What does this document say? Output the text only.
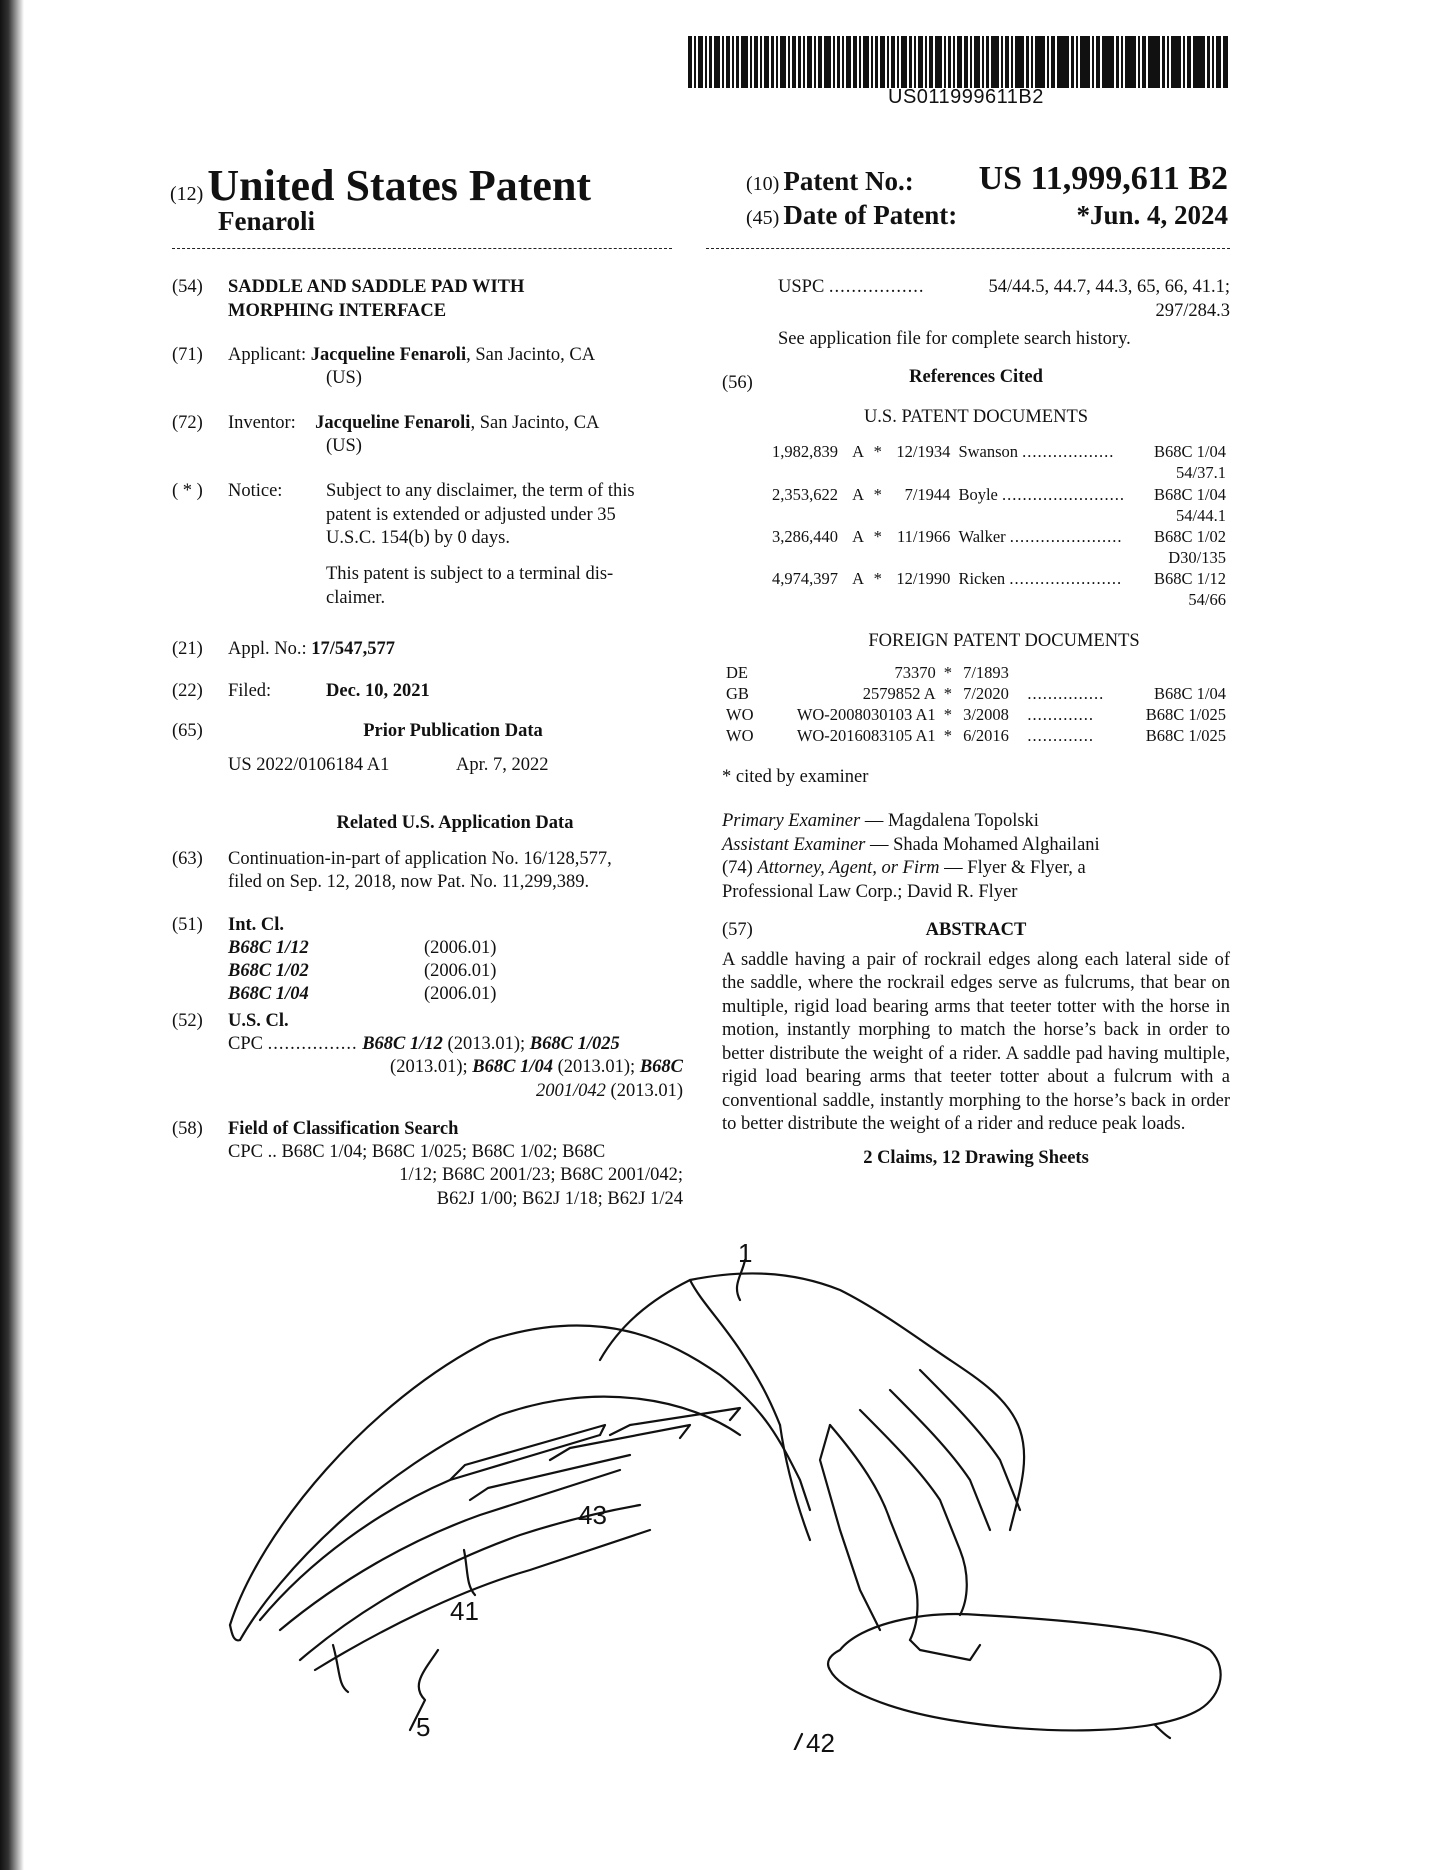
US011999611B2
(12) United States Patent
Fenaroli
(10) Patent No.: US 11,999,611 B2
(45) Date of Patent:	*Jun. 4, 2024
(54)	SADDLE AND SADDLE PAD WITH
MORPHING INTERFACE
(71)	Applicant: Jacqueline Fenaroli, San Jacinto, CA
(US)
(72)	Inventor: Jacqueline Fenaroli, San Jacinto, CA
(US)
( * )	Notice: Subject to any disclaimer, the term of this
patent is extended or adjusted under 35
U.S.C. 154(b) by 0 days.
This patent is subject to a terminal dis-
claimer.
(21)	Appl. No.: 17/547,577
(22)	Filed:	Dec. 10, 2021
(65)	Prior Publication Data
US 2022/0106184 A1	Apr. 7, 2022
Related U.S. Application Data
(63)	Continuation-in-part of application No. 16/128,577,
filed on Sep. 12, 2018, now Pat. No. 11,299,389.
(51)	Int. Cl.
B68C 1/12	(2006.01)
B68C 1/02	(2006.01)
B68C 1/04	(2006.01)
(52)	U.S. Cl.
CPC ................ B68C 1/12 (2013.01); B68C 1/025
(2013.01); B68C 1/04 (2013.01); B68C
2001/042 (2013.01)
(58)	Field of Classification Search
CPC .. B68C 1/04; B68C 1/025; B68C 1/02; B68C
1/12; B68C 2001/23; B68C 2001/042;
B62J 1/00; B62J 1/18; B62J 1/24
USPC .................	54/44.5, 44.7, 44.3, 65, 66, 41.1;
297/284.3
See application file for complete search history.
(56)	References Cited
U.S. PATENT DOCUMENTS
1,982,839	A	*	12/1934	Swanson ..................	B68C 1/04
54/37.1					
2,353,622	A	*	7/1944	Boyle ........................	B68C 1/04
54/44.1					
3,286,440	A	*	11/1966	Walker ......................	B68C 1/02
D30/135					
4,974,397	A	*	12/1990	Ricken ......................	B68C 1/12
54/66					
FOREIGN PATENT DOCUMENTS
DE	73370	*	7/1893		
GB	2579852 A	*	7/2020	...............	B68C 1/04
WO	WO-2008030103 A1	*	3/2008	.............	B68C 1/025
WO	WO-2016083105 A1	*	6/2016	.............	B68C 1/025
* cited by examiner
Primary Examiner — Magdalena Topolski
Assistant Examiner — Shada Mohamed Alghailani
(74) Attorney, Agent, or Firm — Flyer & Flyer, a
Professional Law Corp.; David R. Flyer
(57)	ABSTRACT
A saddle having a pair of rockrail edges along each lateral side of the saddle, where the rockrail edges serve as fulcrums, that bear on multiple, rigid load bearing arms that teeter totter with the horse in motion, instantly morphing to match the horse’s back in order to better distribute the weight of a rider. A saddle pad having multiple, rigid load bearing arms that teeter totter about a fulcrum with a conventional saddle, instantly morphing to the horse’s back in order to better distribute the weight of a rider and reduce peak loads.
2 Claims, 12 Drawing Sheets
1
43
41
5
42
